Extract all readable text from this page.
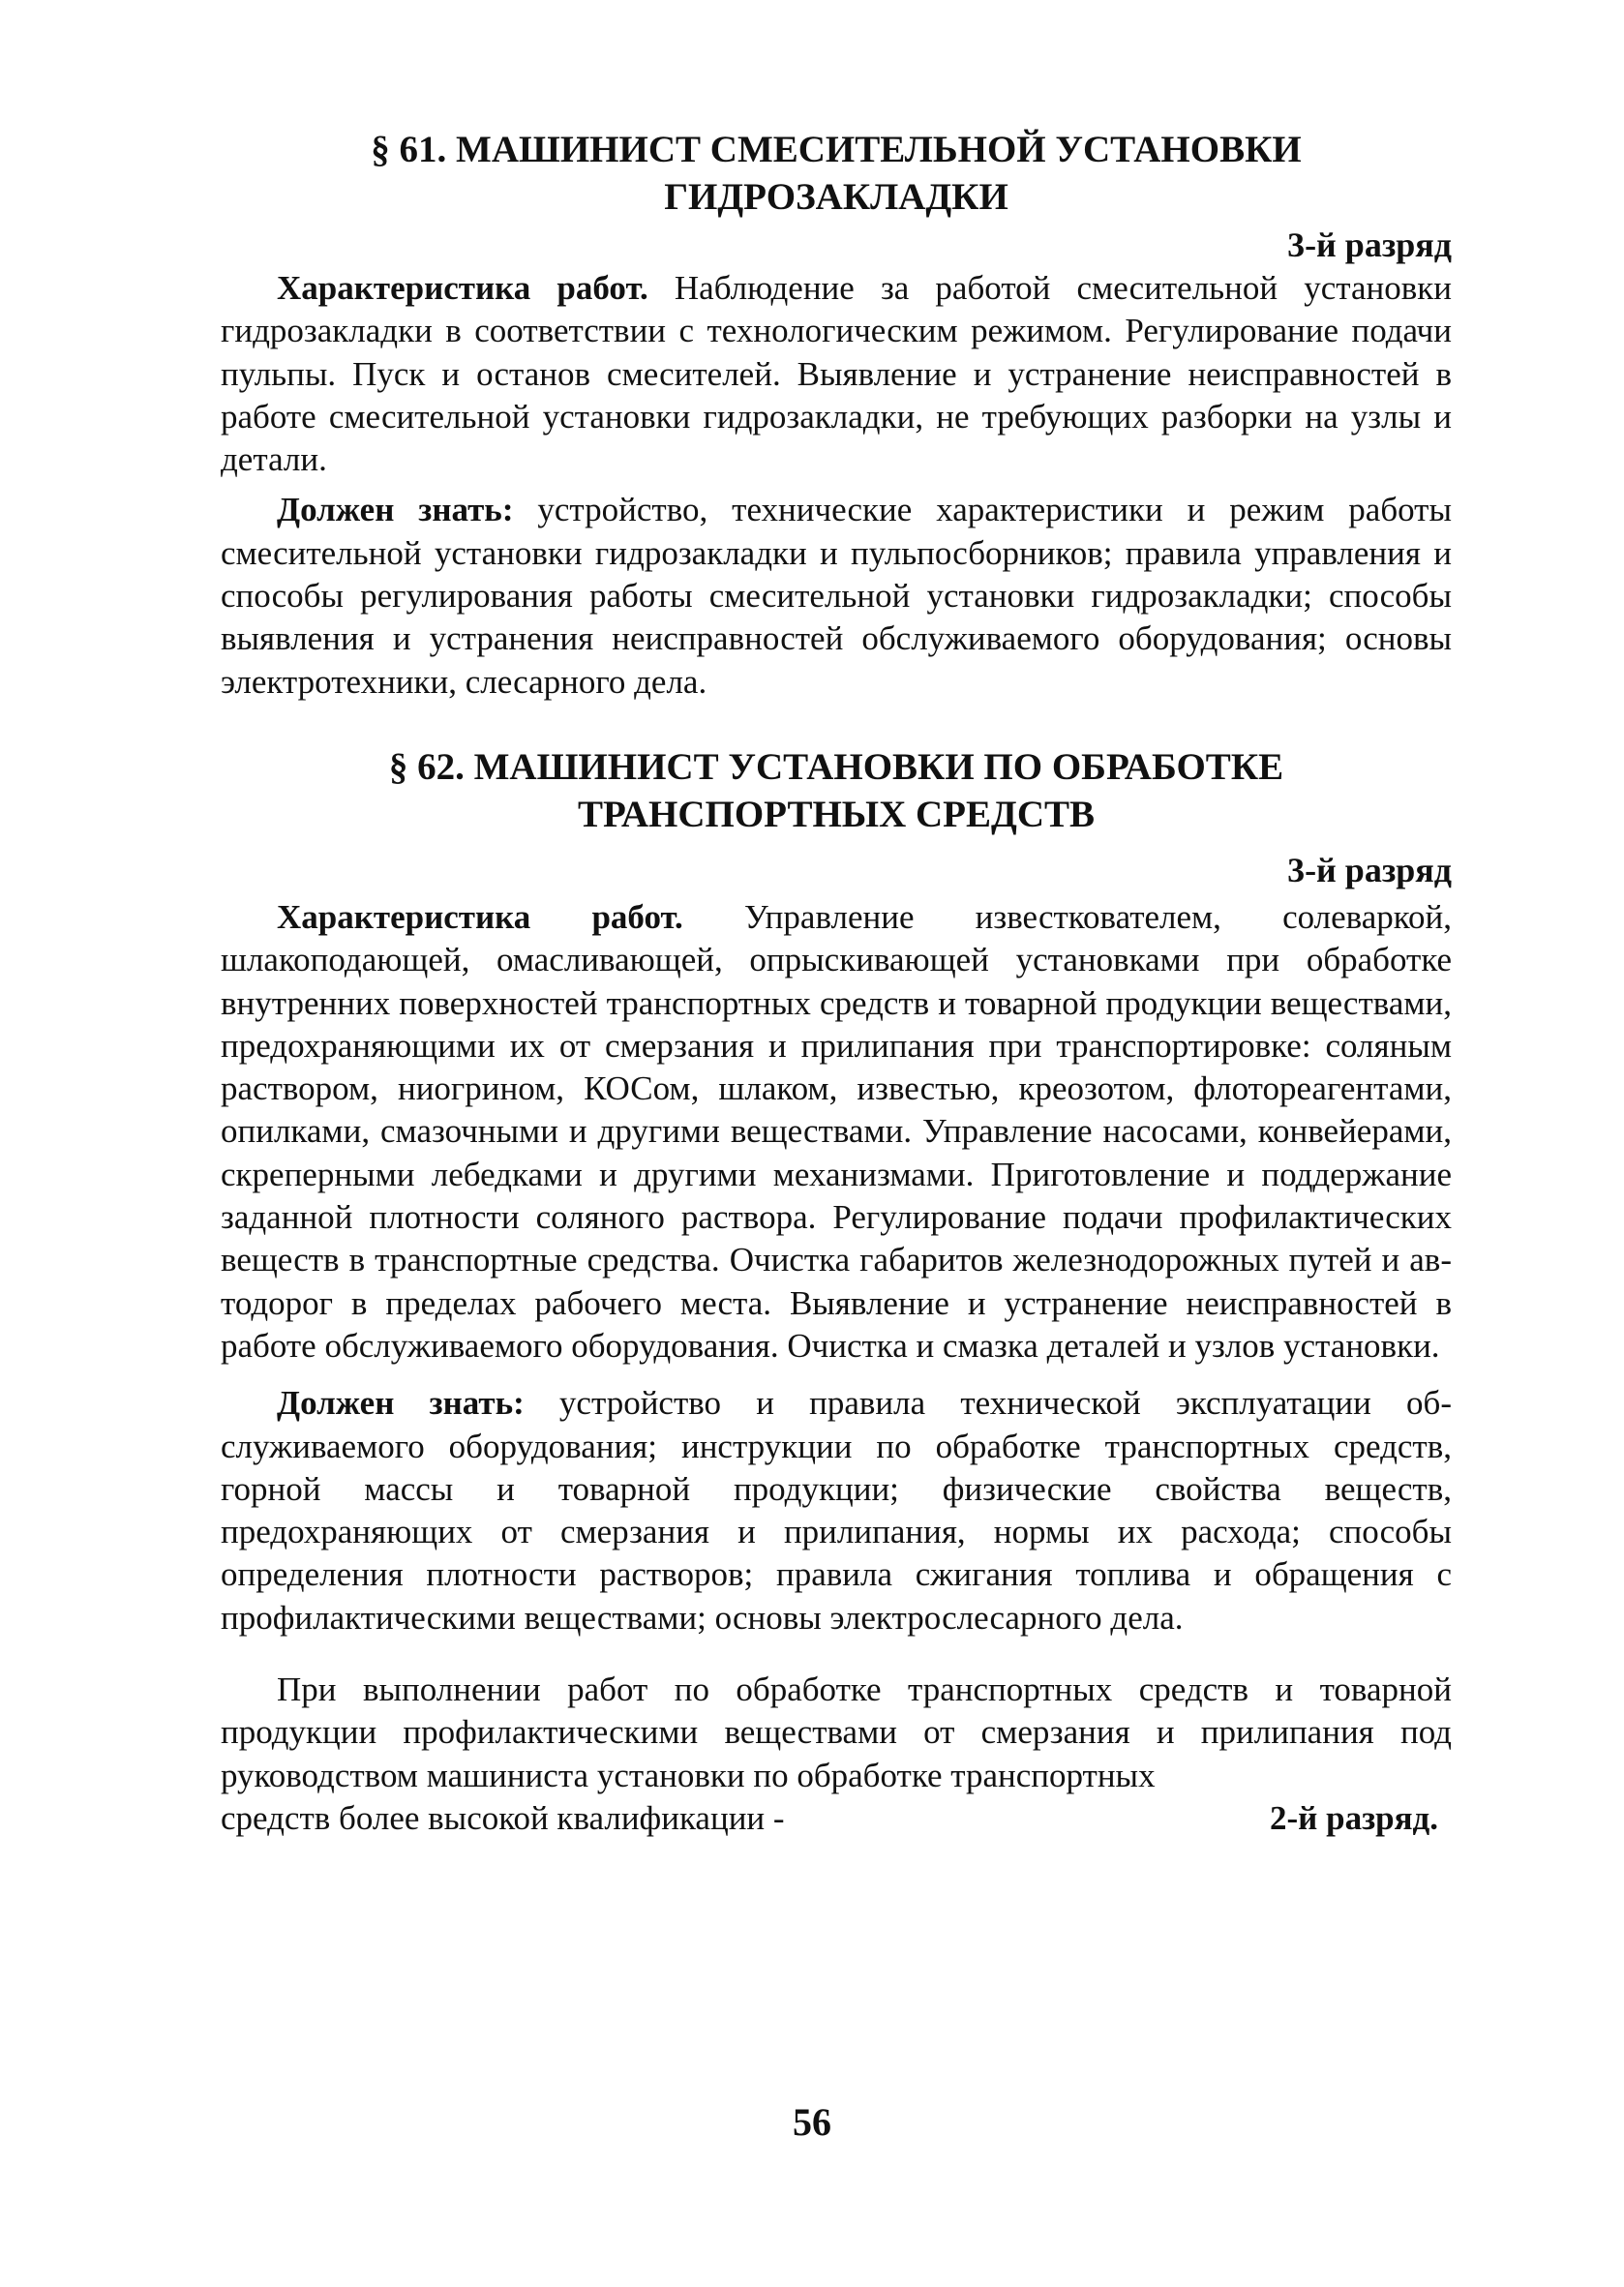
§ 61. МАШИНИСТ СМЕСИТЕЛЬНОЙ УСТАНОВКИ
ГИДРОЗАКЛАДКИ

3-й разряд

Характеристика работ. Наблюдение за работой смесительной установки гидрозакладки в соответствии с технологическим режимом. Регулирование подачи пульпы. Пуск и останов смесителей. Выявление и устранение неисправностей в работе смесительной установки гидрозакладки, не требующих разборки на узлы и детали.

Должен знать: устройство, технические характеристики и режим работы смесительной установки гидрозакладки и пульпосборников; правила управления и способы регулирования работы смесительной установки гидрозакладки; способы выявления и устранения неисправностей обслуживаемого оборудования; основы электротехники, слесарного дела.

§ 62. МАШИНИСТ УСТАНОВКИ ПО ОБРАБОТКЕ
ТРАНСПОРТНЫХ СРЕДСТВ

3-й разряд

Характеристика работ. Управление известкователем, солеваркой, шлакоподающей, омасливающей, опрыскивающей установками при обработке внутренних поверхностей транспортных средств и товарной продукции веществами, предохраняющими их от смерзания и прилипания при транспортировке: соляным раствором, ниогрином, КОСом, шлаком, известью, креозотом, флотореагентами, опилками, смазочными и другими веществами. Управление насосами, конвейерами, скреперными лебедками и другими механизмами. Приготовление и поддержание заданной плотности соляного раствора. Регулирование подачи профилактических веществ в транспортные средства. Очистка габаритов железнодорожных путей и автодорог в пределах рабочего места. Выявление и устранение неисправностей в работе обслуживаемого оборудования. Очистка и смазка деталей и узлов установки.

Должен знать: устройство и правила технической эксплуатации обслуживаемого оборудования; инструкции по обработке транспортных средств, горной массы и товарной продукции; физические свойства веществ, предохраняющих от смерзания и прилипания, нормы их расхода; способы определения плотности растворов; правила сжигания топлива и обращения с профилактическими веществами; основы электрослесарного дела.

При выполнении работ по обработке транспортных средств и товарной продукции профилактическими веществами от смерзания и прилипания под руководством машиниста установки по обработке транспортных

средств более высокой квалификации -	2-й разряд.
56
